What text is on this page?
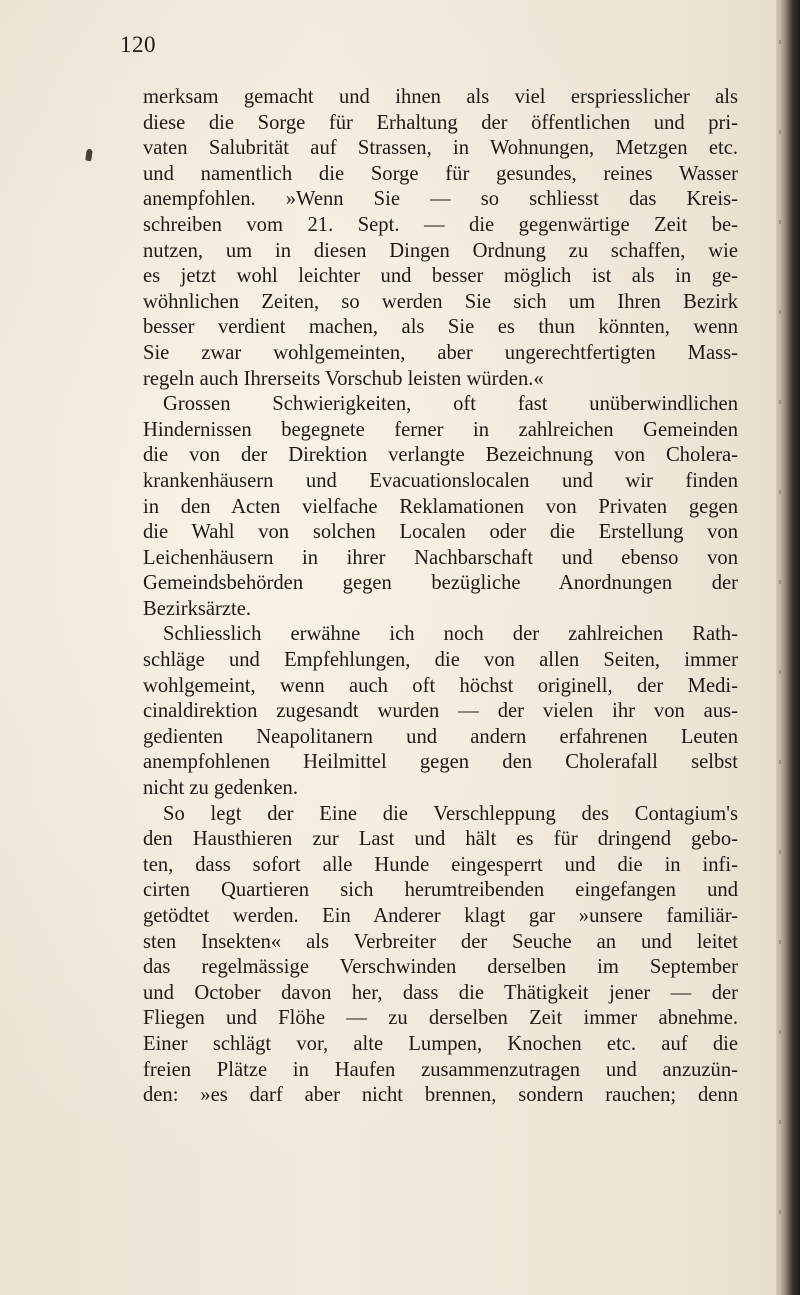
120
merksam gemacht und ihnen als viel erspriesslicher als
diese die Sorge für Erhaltung der öffentlichen und pri-
vaten Salubrität auf Strassen, in Wohnungen, Metzgen etc.
und namentlich die Sorge für gesundes, reines Wasser
anempfohlen. »Wenn Sie — so schliesst das Kreis-
schreiben vom 21. Sept. — die gegenwärtige Zeit be-
nutzen, um in diesen Dingen Ordnung zu schaffen, wie
es jetzt wohl leichter und besser möglich ist als in ge-
wöhnlichen Zeiten, so werden Sie sich um Ihren Bezirk
besser verdient machen, als Sie es thun könnten, wenn
Sie zwar wohlgemeinten, aber ungerechtfertigten Mass-
regeln auch Ihrerseits Vorschub leisten würden.«
Grossen Schwierigkeiten, oft fast unüberwindlichen
Hindernissen begegnete ferner in zahlreichen Gemeinden
die von der Direktion verlangte Bezeichnung von Cholera-
krankenhäusern und Evacuationslocalen und wir finden
in den Acten vielfache Reklamationen von Privaten gegen
die Wahl von solchen Localen oder die Erstellung von
Leichenhäusern in ihrer Nachbarschaft und ebenso von
Gemeindsbehörden gegen bezügliche Anordnungen der
Bezirksärzte.
Schliesslich erwähne ich noch der zahlreichen Rath-
schläge und Empfehlungen, die von allen Seiten, immer
wohlgemeint, wenn auch oft höchst originell, der Medi-
cinaldirektion zugesandt wurden — der vielen ihr von aus-
gedienten Neapolitanern und andern erfahrenen Leuten
anempfohlenen Heilmittel gegen den Cholerafall selbst
nicht zu gedenken.
So legt der Eine die Verschleppung des Contagium's
den Hausthieren zur Last und hält es für dringend gebo-
ten, dass sofort alle Hunde eingesperrt und die in infi-
cirten Quartieren sich herumtreibenden eingefangen und
getödtet werden. Ein Anderer klagt gar »unsere familiär-
sten Insekten« als Verbreiter der Seuche an und leitet
das regelmässige Verschwinden derselben im September
und October davon her, dass die Thätigkeit jener — der
Fliegen und Flöhe — zu derselben Zeit immer abnehme.
Einer schlägt vor, alte Lumpen, Knochen etc. auf die
freien Plätze in Haufen zusammenzutragen und anzuzün-
den: »es darf aber nicht brennen, sondern rauchen; denn
